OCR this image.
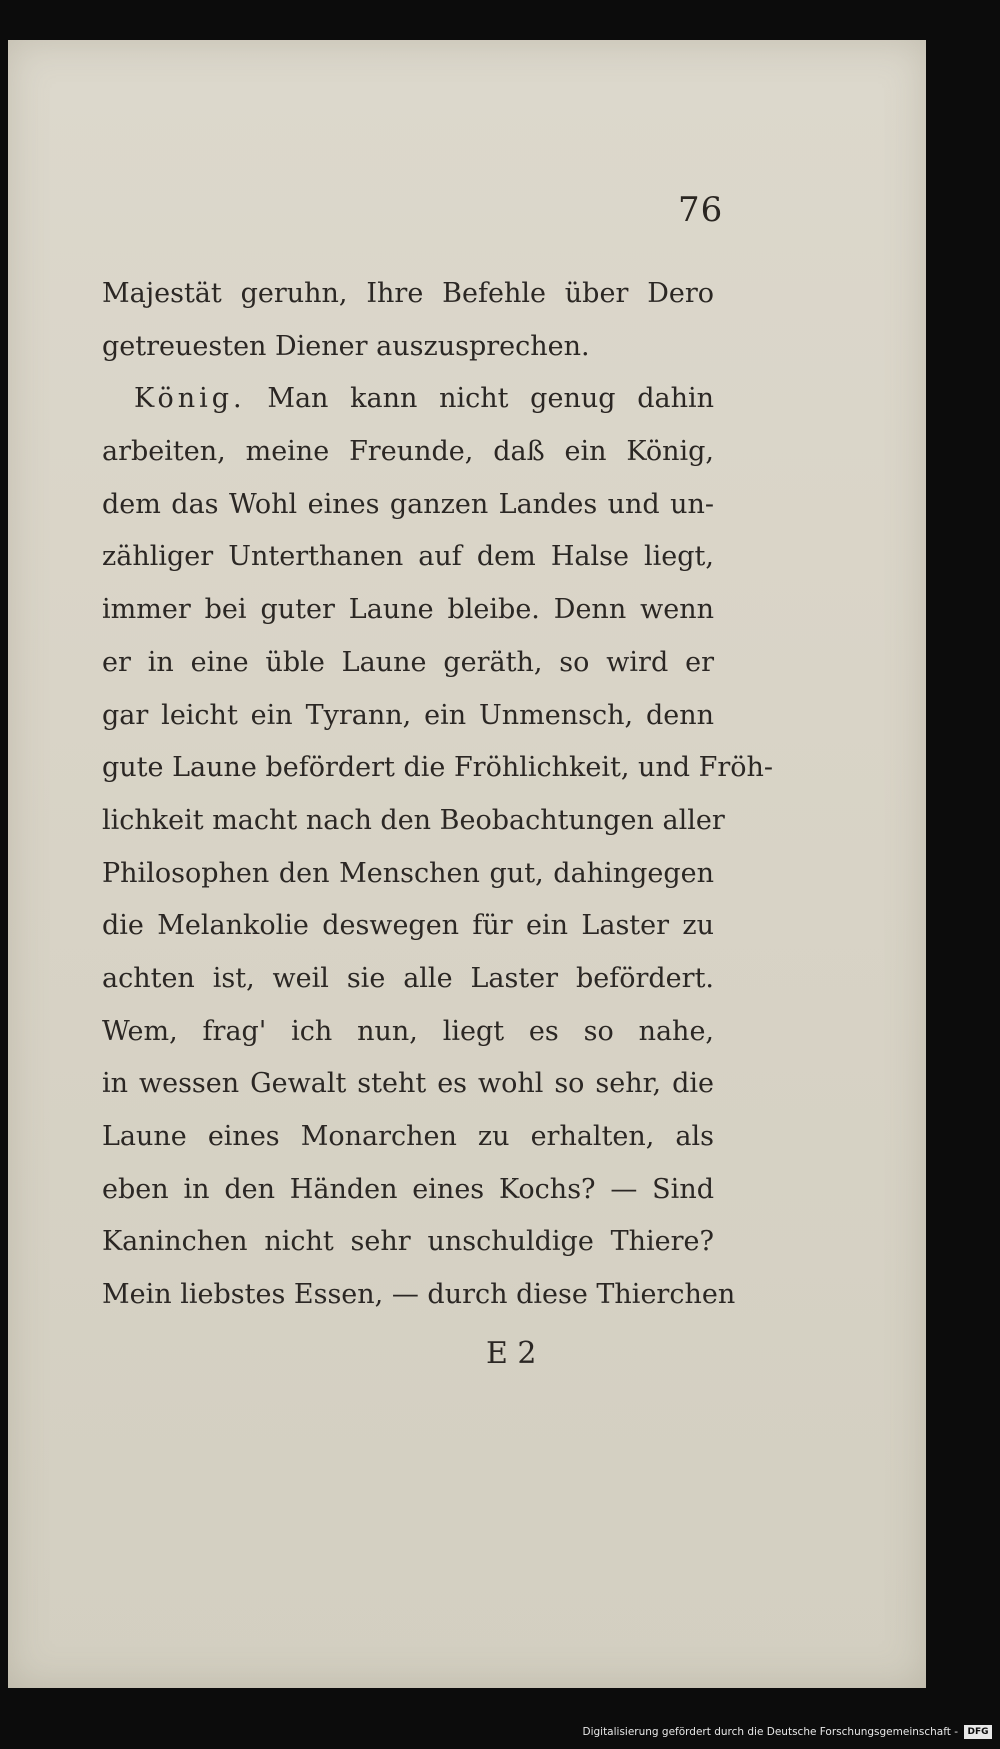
76
Majestät geruhn, Ihre Befehle über Dero
getreuesten Diener auszusprechen.
König. Man kann nicht genug dahin
arbeiten, meine Freunde, daß ein König,
dem das Wohl eines ganzen Landes und un-
zähliger Unterthanen auf dem Halse liegt,
immer bei guter Laune bleibe. Denn wenn
er in eine üble Laune geräth, so wird er
gar leicht ein Tyrann, ein Unmensch, denn
gute Laune befördert die Fröhlichkeit, und Fröh-
lichkeit macht nach den Beobachtungen aller
Philosophen den Menschen gut, dahingegen
die Melankolie deswegen für ein Laster zu
achten ist, weil sie alle Laster befördert.
Wem, frag' ich nun, liegt es so nahe,
in wessen Gewalt steht es wohl so sehr, die
Laune eines Monarchen zu erhalten, als
eben in den Händen eines Kochs? — Sind
Kaninchen nicht sehr unschuldige Thiere?
Mein liebstes Essen, — durch diese Thierchen
E 2
Digitalisierung gefördert durch die Deutsche Forschungsgemeinschaft -	DFG
